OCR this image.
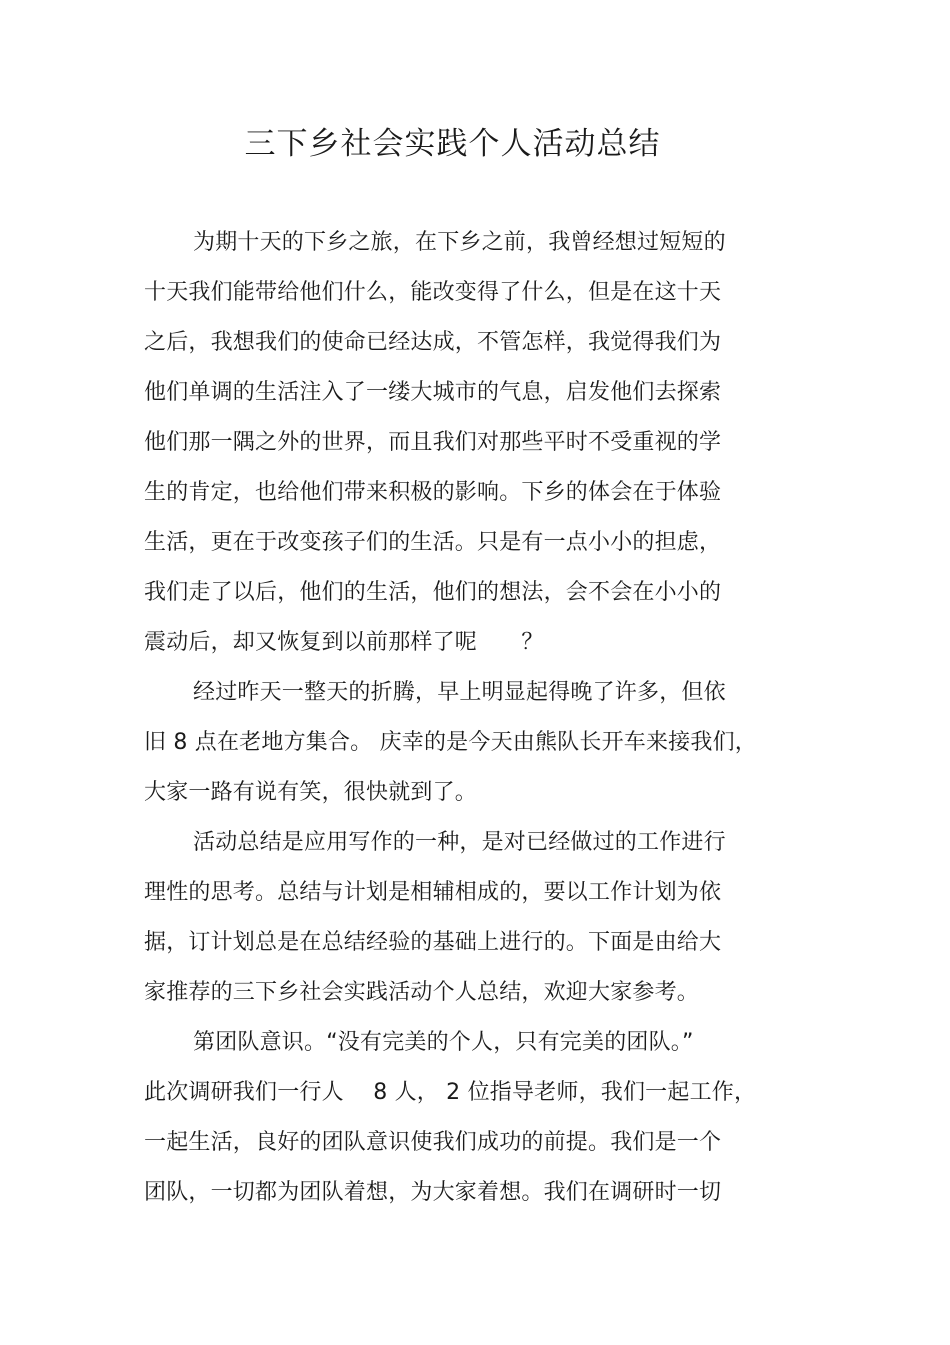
三下乡社会实践个人活动总结
为期十天的下乡之旅，在下乡之前，我曾经想过短短的
十天我们能带给他们什么，能改变得了什么，但是在这十天
之后，我想我们的使命已经达成，不管怎样，我觉得我们为
他们单调的生活注入了一缕大城市的气息，启发他们去探索
他们那一隅之外的世界，而且我们对那些平时不受重视的学
生的肯定，也给他们带来积极的影响。下乡的体会在于体验
生活，更在于改变孩子们的生活。只是有一点小小的担虑，
我们走了以后，他们的生活，他们的想法，会不会在小小的
震动后，却又恢复到以前那样了呢　　？
经过昨天一整天的折腾，早上明显起得晚了许多，但依
旧 8 点在老地方集合。 庆幸的是今天由熊队长开车来接我们，
大家一路有说有笑，很快就到了。
活动总结是应用写作的一种，是对已经做过的工作进行
理性的思考。总结与计划是相辅相成的，要以工作计划为依
据，订计划总是在总结经验的基础上进行的。下面是由给大
家推荐的三下乡社会实践活动个人总结，欢迎大家参考。
第团队意识。“没有完美的个人，只有完美的团队。”
此次调研我们一行人　 8 人， 2 位指导老师，我们一起工作，
一起生活，良好的团队意识使我们成功的前提。我们是一个
团队，一切都为团队着想，为大家着想。我们在调研时一切
